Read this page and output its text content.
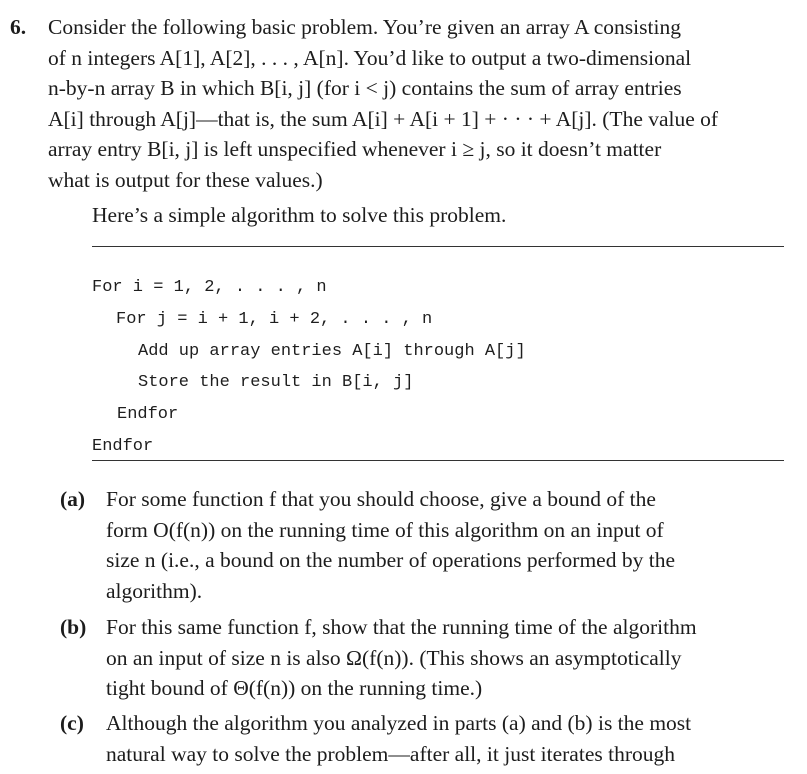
6. Consider the following basic problem. You’re given an array A consisting
of n integers A[1], A[2], . . . , A[n]. You’d like to output a two-dimensional
n-by-n array B in which B[i, j] (for i < j) contains the sum of array entries
A[i] through A[j]—that is, the sum A[i] + A[i + 1] + · · · + A[j]. (The value of
array entry B[i, j] is left unspecified whenever i ≥ j, so it doesn’t matter
what is output for these values.)
Here’s a simple algorithm to solve this problem.
For i = 1, 2, . . . , n
For j = i + 1, i + 2, . . . , n
Add up array entries A[i] through A[j]
Store the result in B[i, j]
Endfor
Endfor
(a) For some function f that you should choose, give a bound of the
form O(f(n)) on the running time of this algorithm on an input of
size n (i.e., a bound on the number of operations performed by the
algorithm).
(b) For this same function f, show that the running time of the algorithm
on an input of size n is also Ω(f(n)). (This shows an asymptotically
tight bound of Θ(f(n)) on the running time.)
(c) Although the algorithm you analyzed in parts (a) and (b) is the most
natural way to solve the problem—after all, it just iterates through
